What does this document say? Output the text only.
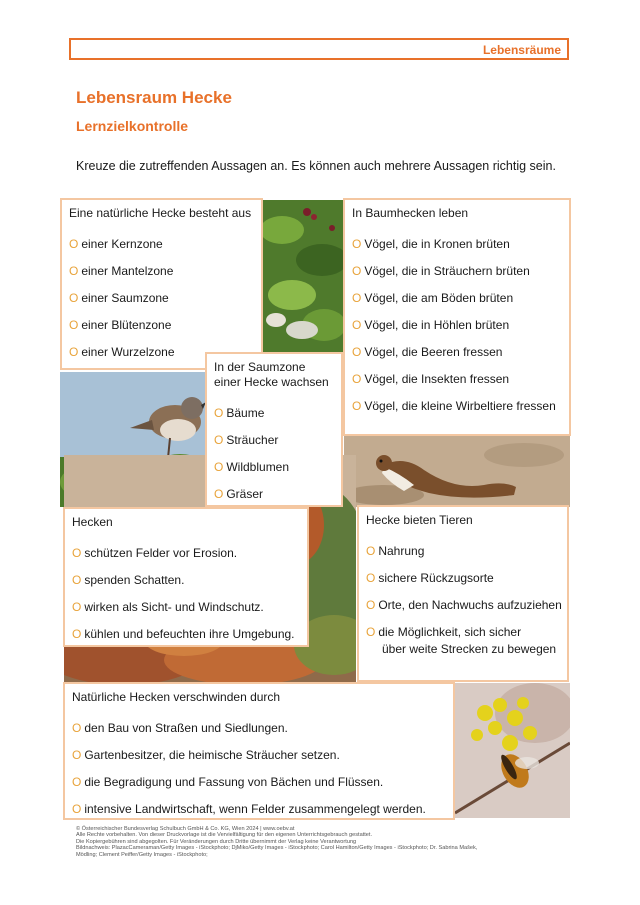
Lebensräume
Lebensraum Hecke
Lernzielkontrolle
Kreuze die zutreffenden Aussagen an. Es können auch mehrere Aussagen richtig sein.
Eine natürliche Hecke besteht aus
O einer Kernzone
O einer Mantelzone
O einer Saumzone
O einer Blütenzone
O einer Wurzelzone
In Baumhecken leben
O Vögel, die in Kronen brüten
O Vögel, die in Sträuchern brüten
O Vögel, die am Böden brüten
O Vögel, die in Höhlen brüten
O Vögel, die Beeren fressen
O Vögel, die Insekten fressen
O Vögel, die kleine Wirbeltiere fressen
In der Saumzone
einer Hecke wachsen
O Bäume
O Sträucher
O Wildblumen
O Gräser
Hecken
O schützen Felder vor Erosion.
O spenden Schatten.
O wirken als Sicht- und Windschutz.
O kühlen und befeuchten ihre Umgebung.
Hecke bieten Tieren
O Nahrung
O sichere Rückzugsorte
O Orte, den Nachwuchs aufzuziehen
O die Möglichkeit, sich sicher
über weite Strecken zu bewegen
Natürliche Hecken verschwinden durch
O den Bau von Straßen und Siedlungen.
O Gartenbesitzer, die heimische Sträucher setzen.
O die Begradigung und Fassung von Bächen und Flüssen.
O intensive Landwirtschaft, wenn Felder zusammengelegt werden.
© Österreichischer Bundesverlag Schulbuch GmbH & Co. KG, Wien 2024 | www.oebv.at
Alle Rechte vorbehalten. Von dieser Druckvorlage ist die Vervielfältigung für den eigenen Unterrichtsgebrauch gestattet.
Die Kopiergebühren sind abgegolten. Für Veränderungen durch Dritte übernimmt der Verlag keine Verantwortung
Bildnachweis: PlazacCameraman/Getty Images - iStockphoto; DjMiko/Getty Images - iStockphoto; Carol Hamilton/Getty Images - iStockphoto; Dr. Sabrina Mašek,
Mödling; Clement Peiffer/Getty Images - iStockphoto;
